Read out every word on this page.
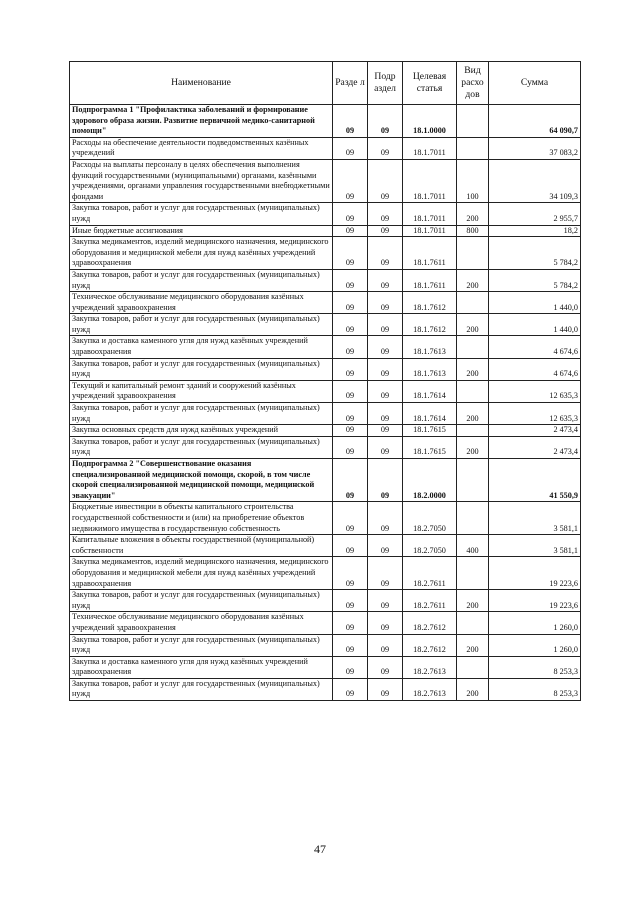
Наименование	Разде л	Подр аздел	Целевая статья	Вид расхо дов	Сумма
Подпрограмма 1 "Профилактика заболеваний и формирование здорового образа жизни. Развитие первичной медико-санитарной помощи"	09	09	18.1.0000		64 090,7
Расходы на обеспечение деятельности подведомственных казённых учреждений	09	09	18.1.7011		37 083,2
Расходы на выплаты персоналу в целях обеспечения выполнения функций государственными (муниципальными) органами, казёнными учреждениями, органами управления государственными внебюджетными фондами	09	09	18.1.7011	100	34 109,3
Закупка товаров, работ и услуг для государственных (муниципальных) нужд	09	09	18.1.7011	200	2 955,7
Иные бюджетные ассигнования	09	09	18.1.7011	800	18,2
Закупка медикаментов, изделий медицинского назначения, медицинского оборудования и медицинской мебели для нужд казённых учреждений здравоохранения	09	09	18.1.7611		5 784,2
Закупка товаров, работ и услуг для государственных (муниципальных) нужд	09	09	18.1.7611	200	5 784,2
Техническое обслуживание медицинского оборудования казённых учреждений здравоохранения	09	09	18.1.7612		1 440,0
Закупка товаров, работ и услуг для государственных (муниципальных) нужд	09	09	18.1.7612	200	1 440,0
Закупка и доставка каменного угля для нужд казённых учреждений здравоохранения	09	09	18.1.7613		4 674,6
Закупка товаров, работ и услуг для государственных (муниципальных) нужд	09	09	18.1.7613	200	4 674,6
Текущий и капитальный ремонт зданий и сооружений казённых учреждений здравоохранения	09	09	18.1.7614		12 635,3
Закупка товаров, работ и услуг для государственных (муниципальных) нужд	09	09	18.1.7614	200	12 635,3
Закупка основных средств для нужд казённых учреждений	09	09	18.1.7615		2 473,4
Закупка товаров, работ и услуг для государственных (муниципальных) нужд	09	09	18.1.7615	200	2 473,4
Подпрограмма 2 "Совершенствование оказания специализированной медицинской помощи, скорой, в том числе скорой специализированной медицинской помощи, медицинской эвакуации"	09	09	18.2.0000		41 550,9
Бюджетные инвестиции в объекты капитального строительства государственной собственности и (или) на приобретение объектов недвижимого имущества в государственную собственность	09	09	18.2.7050		3 581,1
Капитальные вложения в объекты государственной (муниципальной) собственности	09	09	18.2.7050	400	3 581,1
Закупка медикаментов, изделий медицинского назначения, медицинского оборудования и медицинской мебели для нужд казённых учреждений здравоохранения	09	09	18.2.7611		19 223,6
Закупка товаров, работ и услуг для государственных (муниципальных) нужд	09	09	18.2.7611	200	19 223,6
Техническое обслуживание медицинского оборудования казённых учреждений здравоохранения	09	09	18.2.7612		1 260,0
Закупка товаров, работ и услуг для государственных (муниципальных) нужд	09	09	18.2.7612	200	1 260,0
Закупка и доставка каменного угля для нужд казённых учреждений здравоохранения	09	09	18.2.7613		8 253,3
Закупка товаров, работ и услуг для государственных (муниципальных) нужд	09	09	18.2.7613	200	8 253,3
47
